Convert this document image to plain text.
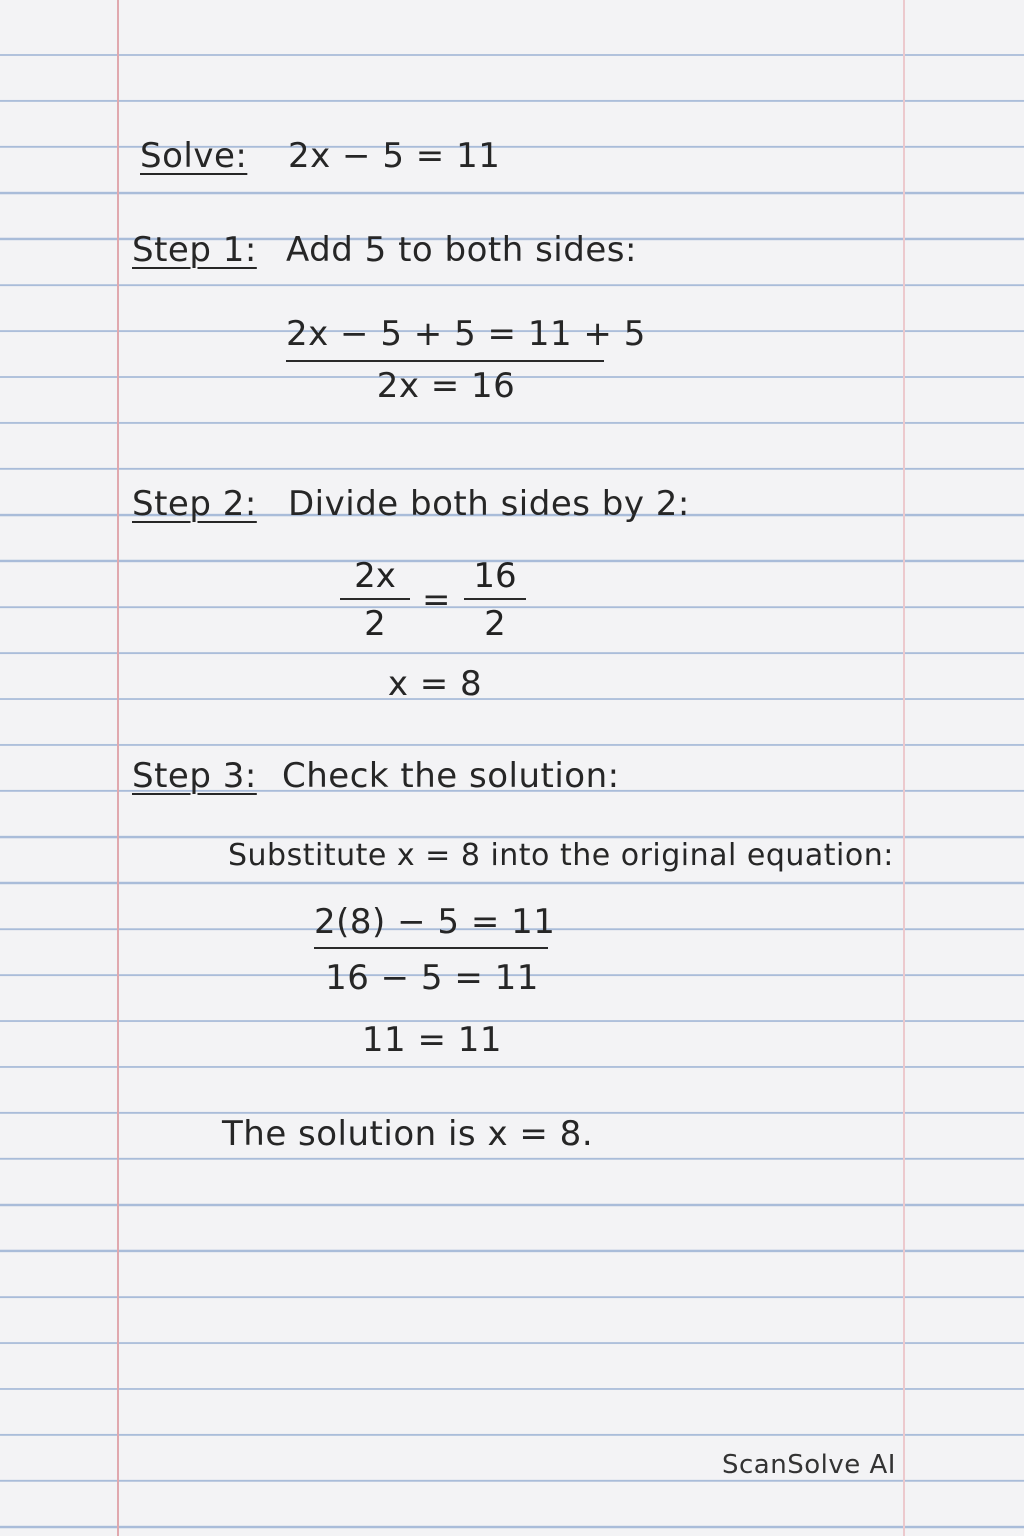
Solve: 2x − 5 = 11
Step 1: Add 5 to both sides:
2x − 5 + 5 = 11 + 5
2x = 16
Step 2: Divide both sides by 2:
$\frac{2x}{2} = \frac{16}{2}$
x = 8
Step 3: Check the solution:
Substitute x = 8 into the original equation:
2(8) − 5 = 11
16 − 5 = 11
11 = 11
The solution is x = 8.
ScanSolve AI
